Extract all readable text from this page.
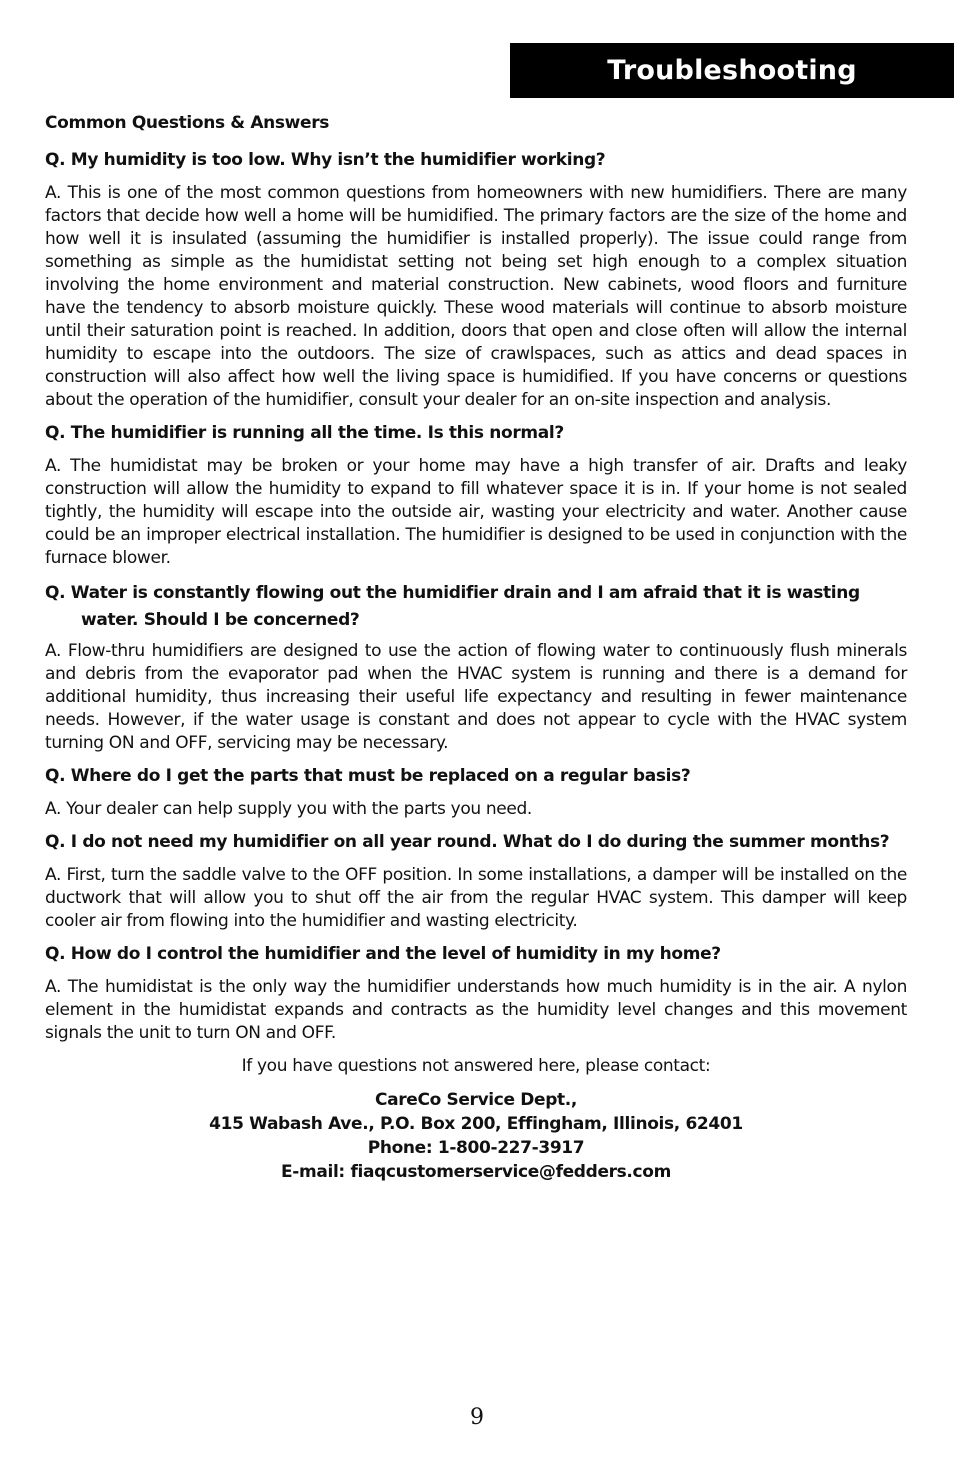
Troubleshooting
Common Questions & Answers
Q. My humidity is too low. Why isn’t the humidifier working?
A. This is one of the most common questions from homeowners with new humidifiers. There are many factors that decide how well a home will be humidified. The primary factors are the size of the home and how well it is insulated (assuming the humidifier is installed properly). The issue could range from something as simple as the humidistat setting not being set high enough to a complex situation involving the home environment and material construction. New cabinets, wood floors and furniture have the tendency to absorb moisture quickly. These wood materials will continue to absorb moisture until their saturation point is reached. In addition, doors that open and close often will allow the internal humidity to escape into the outdoors. The size of crawlspaces, such as attics and dead spaces in construction will also affect how well the living space is humidified. If you have concerns or questions about the operation of the humidifier, consult your dealer for an on-site inspection and analysis.
Q. The humidifier is running all the time. Is this normal?
A. The humidistat may be broken or your home may have a high transfer of air. Drafts and leaky construction will allow the humidity to expand to fill whatever space it is in. If your home is not sealed tightly, the humidity will escape into the outside air, wasting your electricity and water. Another cause could be an improper electrical installation. The humidifier is designed to be used in conjunction with the furnace blower.
Q. Water is constantly flowing out the humidifier drain and I am afraid that it is wasting water. Should I be concerned?
A. Flow-thru humidifiers are designed to use the action of flowing water to continuously flush minerals and debris from the evaporator pad when the HVAC system is running and there is a demand for additional humidity, thus increasing their useful life expectancy and resulting in fewer maintenance needs. However, if the water usage is constant and does not appear to cycle with the HVAC system turning ON and OFF, servicing may be necessary.
Q. Where do I get the parts that must be replaced on a regular basis?
A. Your dealer can help supply you with the parts you need.
Q. I do not need my humidifier on all year round. What do I do during the summer months?
A. First, turn the saddle valve to the OFF position. In some installations, a damper will be installed on the ductwork that will allow you to shut off the air from the regular HVAC system. This damper will keep cooler air from flowing into the humidifier and wasting electricity.
Q. How do I control the humidifier and the level of humidity in my home?
A. The humidistat is the only way the humidifier understands how much humidity is in the air. A nylon element in the humidistat expands and contracts as the humidity level changes and this movement signals the unit to turn ON and OFF.
If you have questions not answered here, please contact:
CareCo Service Dept.,
415 Wabash Ave., P.O. Box 200, Effingham, Illinois, 62401
Phone: 1-800-227-3917
E-mail: fiaqcustomerservice@fedders.com
9
